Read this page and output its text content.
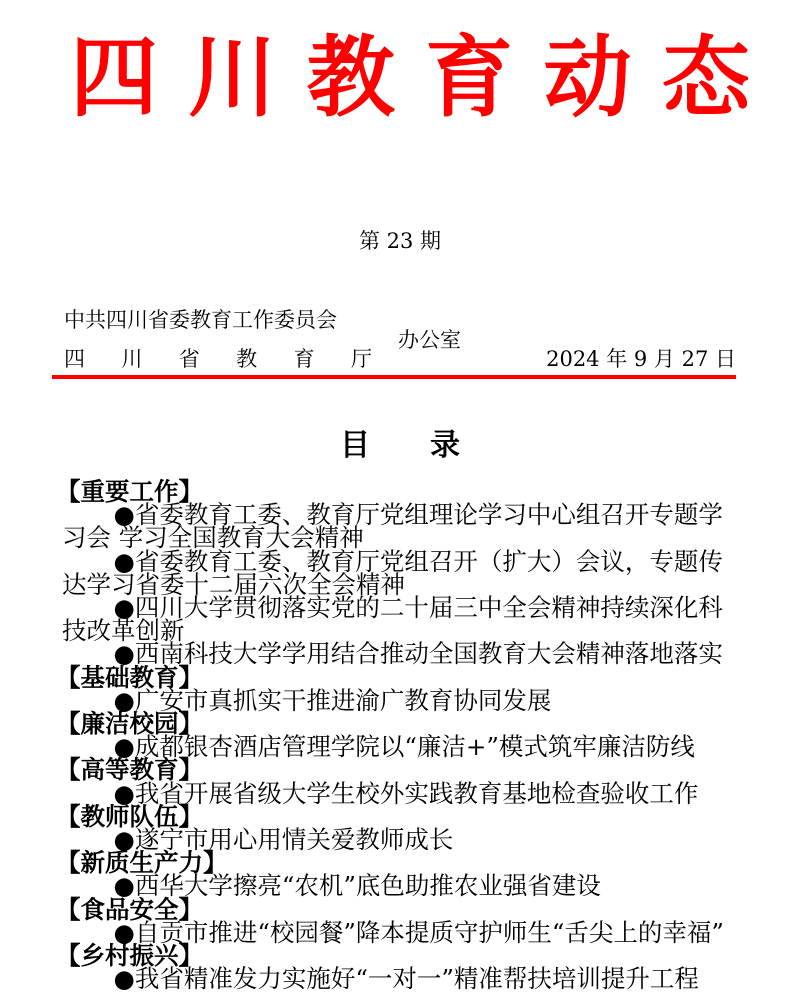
四 川 教 育 动 态
第 23 期
中共四川省委教育工作委员会
四 川 省 教 育 厅
办公室
2024 年 9 月 27 日
目录
【重要工作】
●省委教育工委、教育厅党组理论学习中心组召开专题学习会 学习全国教育大会精神
●省委教育工委、教育厅党组召开（扩大）会议，专题传达学习省委十二届六次全会精神
●四川大学贯彻落实党的二十届三中全会精神持续深化科技改革创新
●西南科技大学学用结合推动全国教育大会精神落地落实
【基础教育】
●广安市真抓实干推进渝广教育协同发展
【廉洁校园】
●成都银杏酒店管理学院以“廉洁+”模式筑牢廉洁防线
【高等教育】
●我省开展省级大学生校外实践教育基地检查验收工作
【教师队伍】
●遂宁市用心用情关爱教师成长
【新质生产力】
●西华大学擦亮“农机”底色助推农业强省建设
【食品安全】
●自贡市推进“校园餐”降本提质守护师生“舌尖上的幸福”
【乡村振兴】
●我省精准发力实施好“一对一”精准帮扶培训提升工程
